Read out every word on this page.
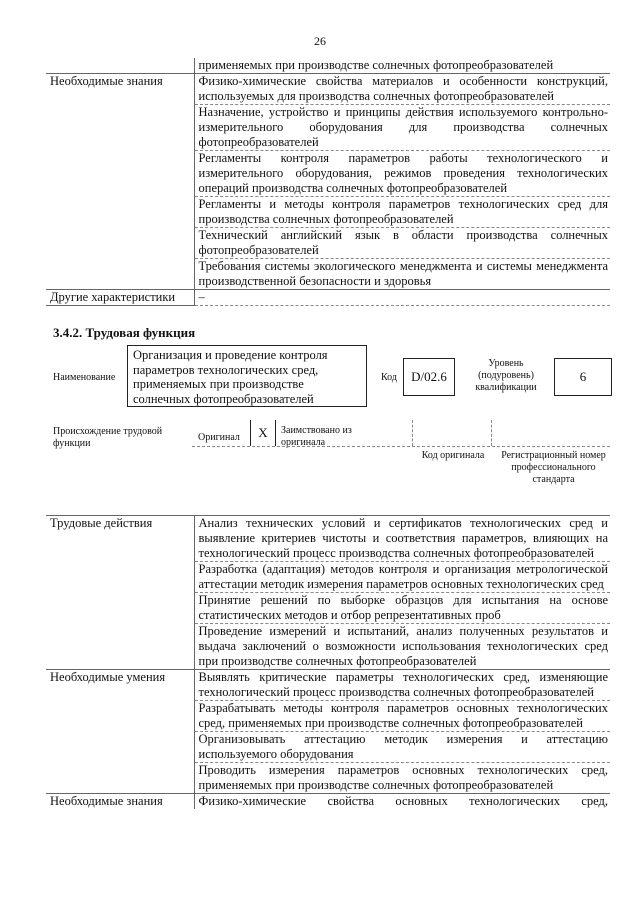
26
	применяемых при производстве солнечных фотопреобразователей
Необходимые знания	Физико-химические свойства материалов и особенности конструкций, используемых для производства солнечных фотопреобразователей
	Назначение, устройство и принципы действия используемого контрольно-измерительного оборудования для производства солнечных фотопреобразователей
	Регламенты контроля параметров работы технологического и измерительного оборудования, режимов проведения технологических операций производства солнечных фотопреобразователей
	Регламенты и методы контроля параметров технологических сред для производства солнечных фотопреобразователей
	Технический английский язык в области производства солнечных фотопреобразователей
	Требования системы экологического менеджмента и системы менеджмента производственной безопасности и здоровья
Другие характеристики	–
3.4.2. Трудовая функция
Наименование
Организация и проведение контроля параметров технологических сред, применяемых при производстве солнечных фотопреобразователей
Код	D/02.6
Уровень (подуровень) квалификации
6
Происхождение трудовой функции
Оригинал	X	Заимствовано из оригинала
Код оригинала	Регистрационный номер профессионального стандарта
Трудовые действия	Анализ технических условий и сертификатов технологических сред и выявление критериев чистоты и соответствия параметров, влияющих на технологический процесс производства солнечных фотопреобразователей
	Разработка (адаптация) методов контроля и организация метрологической аттестации методик измерения параметров основных технологических сред
	Принятие решений по выборке образцов для испытания на основе статистических методов и отбор репрезентативных проб
	Проведение измерений и испытаний, анализ полученных результатов и выдача заключений о возможности использования технологических сред при производстве солнечных фотопреобразователей
Необходимые умения	Выявлять критические параметры технологических сред, изменяющие технологический процесс производства солнечных фотопреобразователей
	Разрабатывать методы контроля параметров основных технологических сред, применяемых при производстве солнечных фотопреобразователей
	Организовывать аттестацию методик измерения и аттестацию используемого оборудования
	Проводить измерения параметров основных технологических сред, применяемых при производстве солнечных фотопреобразователей
Необходимые знания	Физико-химические свойства основных технологических сред,
